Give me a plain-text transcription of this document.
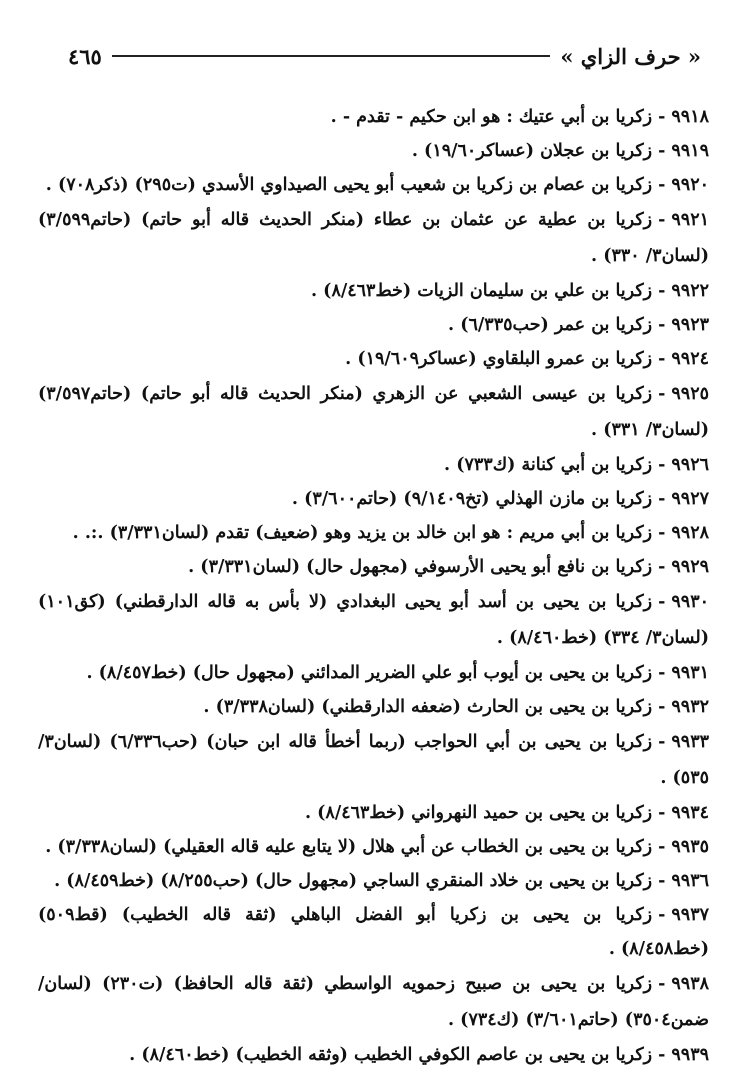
« حرف الزاي »
٤٦٥

٩٩١٨-زكريا بن أبي عتيك : هو ابن حكيم - تقدم - .

٩٩١٩-زكريا بن عجلان (عساكر١٩/٦٠) .

٩٩٢٠-زكريا بن عصام بن زكريا بن شعيب أبو يحيى الصيداوي الأسدي (ت٢٩٥) (ذكر٧٠٨) .

٩٩٢١-زكريا بن عطية عن عثمان بن عطاء (منكر الحديث قاله أبو حاتم) (حاتم٣/٥٩٩) (لسان٣/ ٣٣٠) .

٩٩٢٢-زكريا بن علي بن سليمان الزيات (خط٨/٤٦٣) .

٩٩٢٣-زكريا بن عمر (حب٦/٣٣٥) .

٩٩٢٤-زكريا بن عمرو البلقاوي (عساكر١٩/٦٠٩) .

٩٩٢٥-زكريا بن عيسى الشعبي عن الزهري (منكر الحديث قاله أبو حاتم) (حاتم٣/٥٩٧) (لسان٣/ ٣٣١) .

٩٩٢٦-زكريا بن أبي كنانة (ك٧٣٣) .

٩٩٢٧-زكريا بن مازن الهذلي (تخ٩/١٤٠٩) (حاتم٣/٦٠٠) .

٩٩٢٨-زكريا بن أبي مريم : هو ابن خالد بن يزيد وهو (ضعيف) تقدم (لسان٣/٣٣١) .:. .

٩٩٢٩-زكريا بن نافع أبو يحيى الأرسوفي (مجهول حال) (لسان٣/٣٣١) .

٩٩٣٠-زكريا بن يحيى بن أسد أبو يحيى البغدادي (لا بأس به قاله الدارقطني) (كق١٠١) (لسان٣/ ٣٣٤) (خط٨/٤٦٠) .

٩٩٣١-زكريا بن يحيى بن أيوب أبو علي الضرير المدائني (مجهول حال) (خط٨/٤٥٧) .

٩٩٣٢-زكريا بن يحيى بن الحارث (ضعفه الدارقطني) (لسان٣/٣٣٨) .

٩٩٣٣-زكريا بن يحيى بن أبي الحواجب (ربما أخطأ قاله ابن حبان) (حب٦/٣٣٦) (لسان٣/ ٥٣٥) .

٩٩٣٤-زكريا بن يحيى بن حميد النهرواني (خط٨/٤٦٣) .

٩٩٣٥-زكريا بن يحيى بن الخطاب عن أبي هلال (لا يتابع عليه قاله العقيلي) (لسان٣/٣٣٨) .

٩٩٣٦-زكريا بن يحيى بن خلاد المنقري الساجي (مجهول حال) (حب٨/٢٥٥) (خط٨/٤٥٩) .

٩٩٣٧-زكريا بن يحيى بن زكريا أبو الفضل الباهلي (ثقة قاله الخطيب) (قط٥٠٩) (خط٨/٤٥٨) .

٩٩٣٨-زكريا بن يحيى بن صبيح زحمويه الواسطي (ثقة قاله الحافظ) (ت٢٣٠) (لسان/ ضمن٣٥٠٤) (حاتم٣/٦٠١) (ك٧٣٤) .

٩٩٣٩-زكريا بن يحيى بن عاصم الكوفي الخطيب (وثقه الخطيب) (خط٨/٤٦٠) .
